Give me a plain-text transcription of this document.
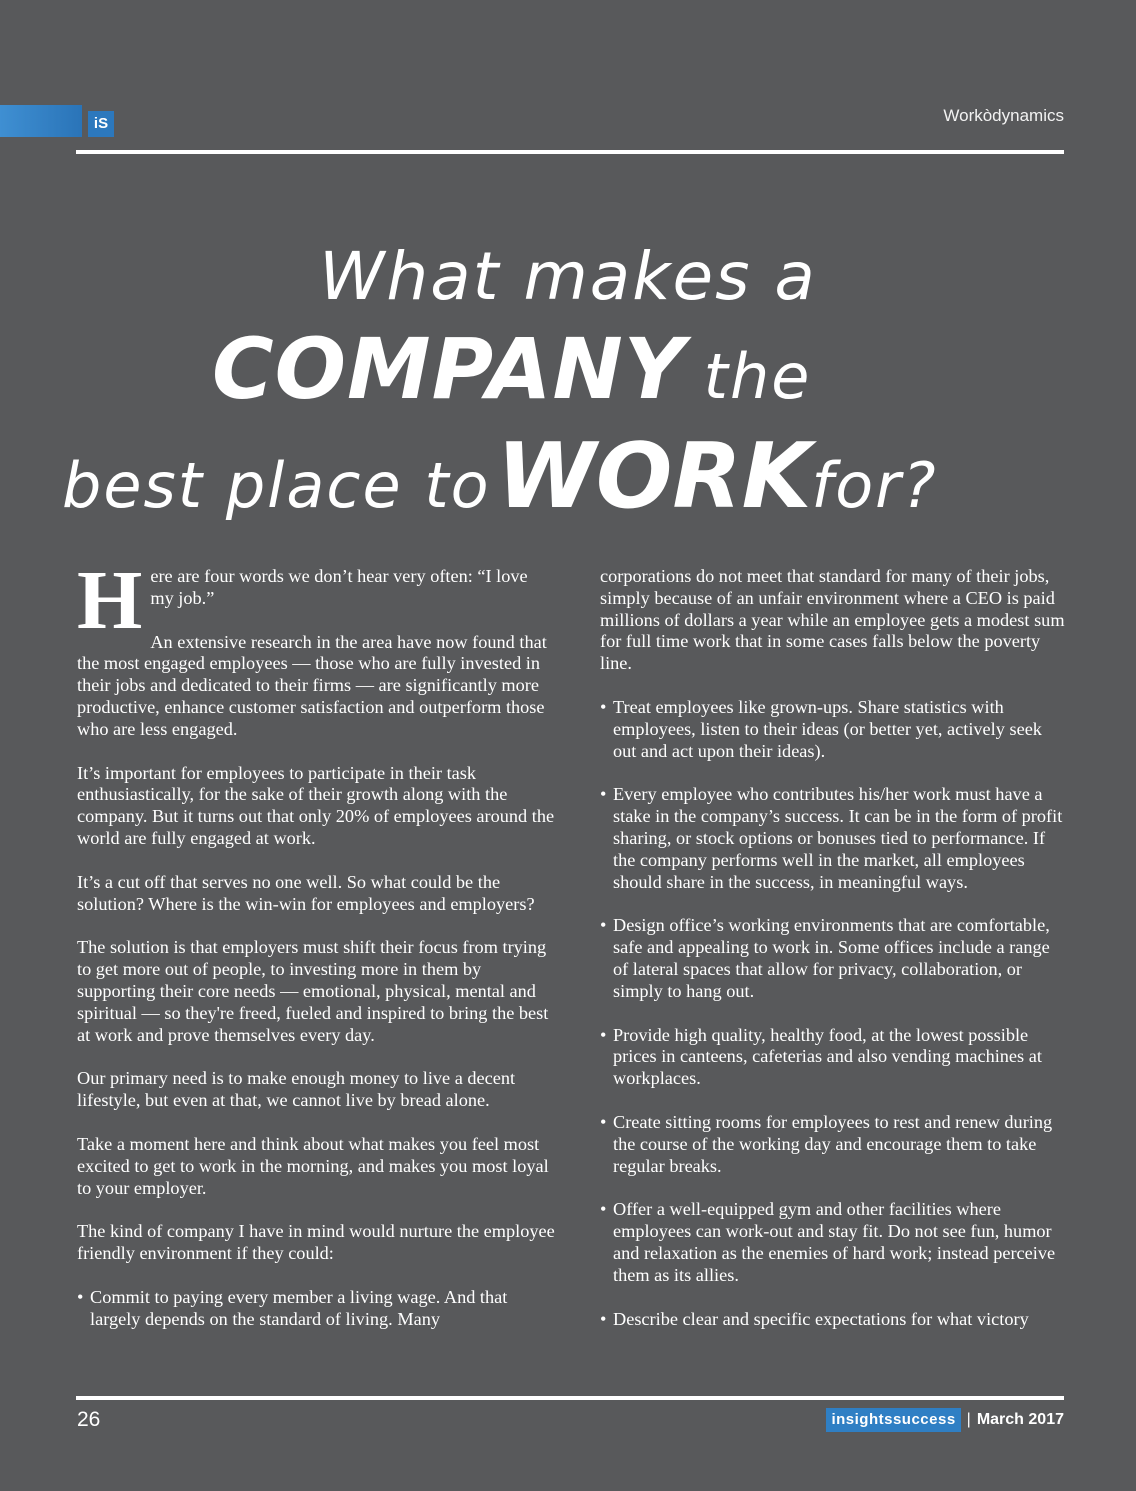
iS	Workòdynamics
What makes a
COMPANY the
best place toWORKfor?

Here are four words we don’t hear very often: “I love my job.”

An extensive research in the area have now found that the most engaged employees — those who are fully invested in their jobs and dedicated to their firms — are significantly more productive, enhance customer satisfaction and outperform those who are less engaged.

It’s important for employees to participate in their task enthusiastically, for the sake of their growth along with the company. But it turns out that only 20% of employees around the world are fully engaged at work.

It’s a cut off that serves no one well. So what could be the solution? Where is the win-win for employees and employers?

The solution is that employers must shift their focus from trying to get more out of people, to investing more in them by supporting their core needs — emotional, physical, mental and spiritual — so they're freed, fueled and inspired to bring the best at work and prove themselves every day.

Our primary need is to make enough money to live a decent lifestyle, but even at that, we cannot live by bread alone.

Take a moment here and think about what makes you feel most excited to get to work in the morning, and makes you most loyal to your employer.

The kind of company I have in mind would nurture the employee friendly environment if they could:

• Commit to paying every member a living wage. And that largely depends on the standard of living. Many

corporations do not meet that standard for many of their jobs, simply because of an unfair environment where a CEO is paid millions of dollars a year while an employee gets a modest sum for full time work that in some cases falls below the poverty line.

• Treat employees like grown-ups. Share statistics with employees, listen to their ideas (or better yet, actively seek out and act upon their ideas).
• Every employee who contributes his/her work must have a stake in the company’s success. It can be in the form of profit sharing, or stock options or bonuses tied to performance. If the company performs well in the market, all employees should share in the success, in meaningful ways.
• Design office’s working environments that are comfortable, safe and appealing to work in. Some offices include a range of lateral spaces that allow for privacy, collaboration, or simply to hang out.
• Provide high quality, healthy food, at the lowest possible prices in canteens, cafeterias and also vending machines at workplaces.
• Create sitting rooms for employees to rest and renew during the course of the working day and encourage them to take regular breaks.
• Offer a well-equipped gym and other facilities where employees can work-out and stay fit. Do not see fun, humor and relaxation as the enemies of hard work; instead perceive them as its allies.
• Describe clear and specific expectations for what victory
26	insightssuccess | March 2017
